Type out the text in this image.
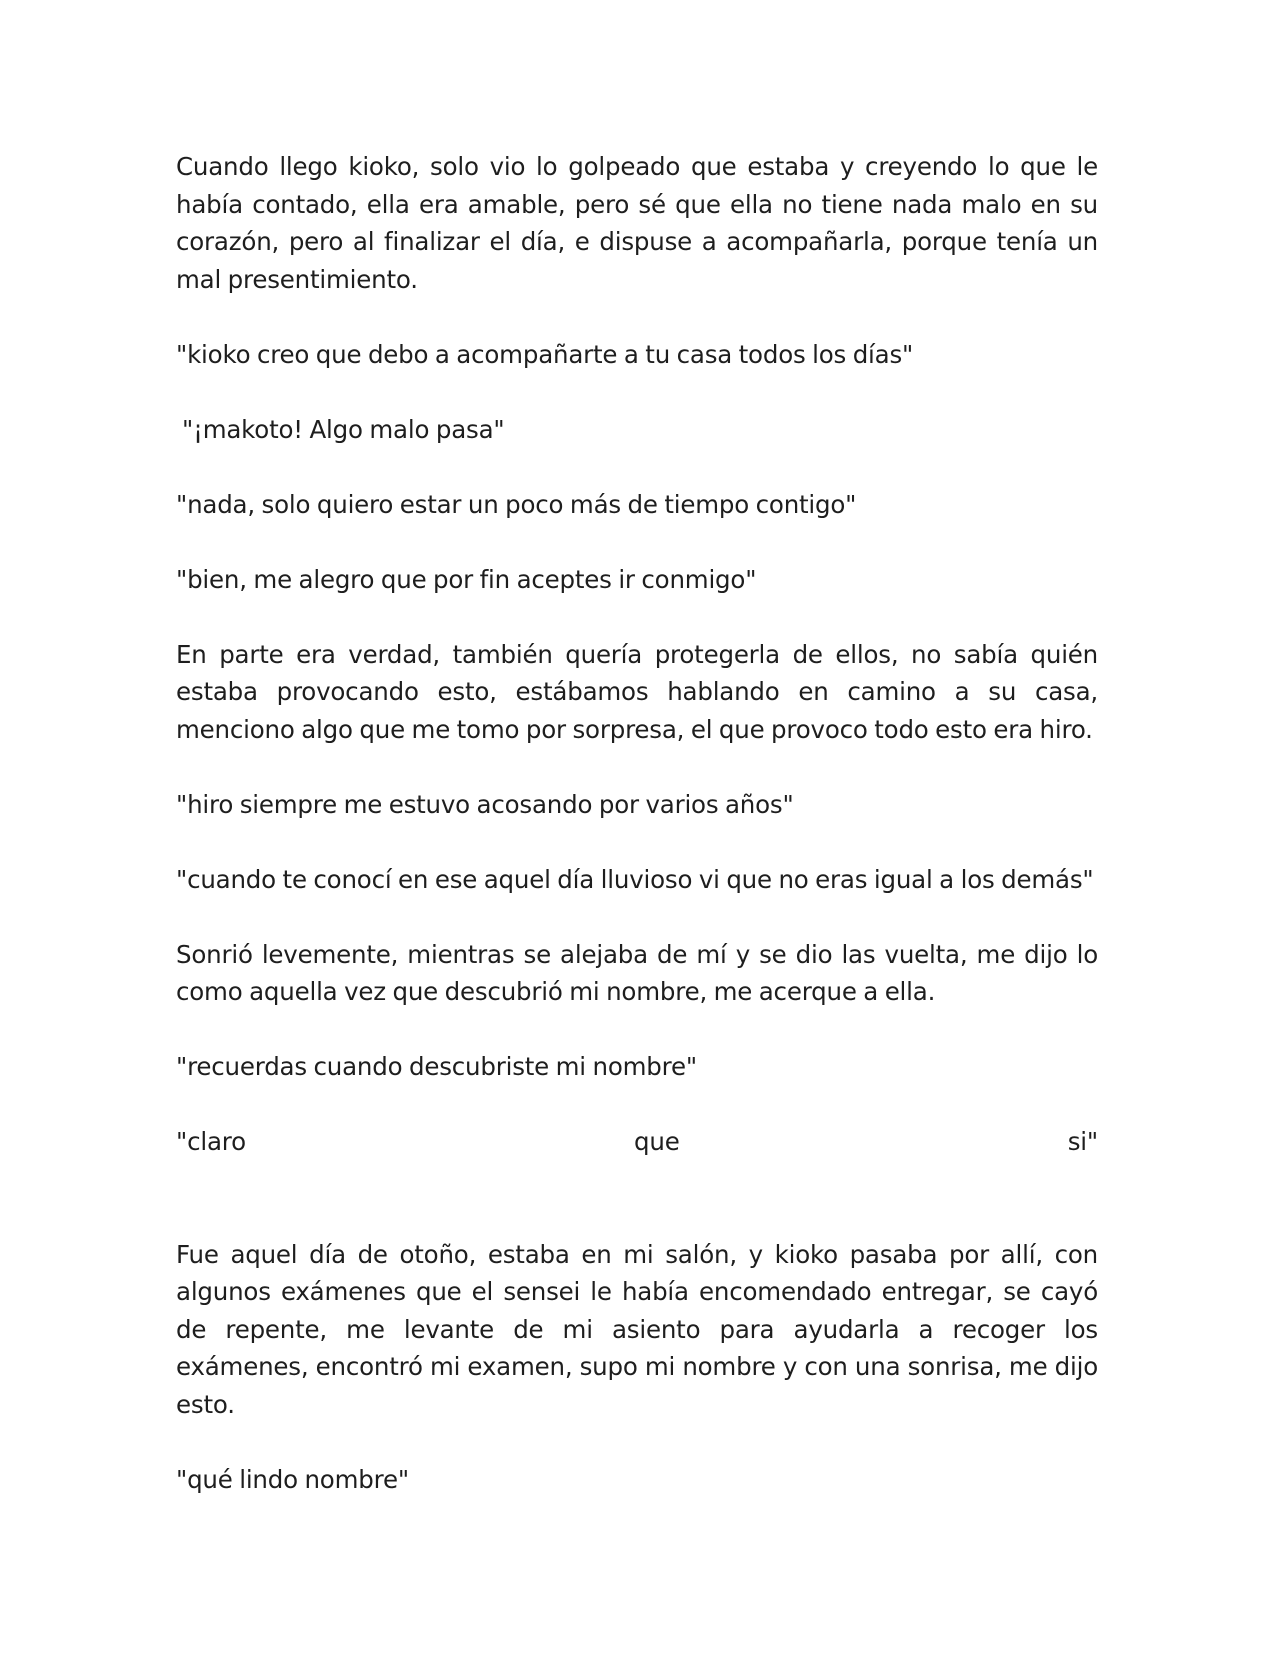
Cuando llego kioko, solo vio lo golpeado que estaba y creyendo lo que le había contado, ella era amable, pero sé que ella no tiene nada malo en su corazón, pero al finalizar el día, e dispuse a acompañarla, porque tenía un mal presentimiento.

"kioko creo que debo a acompañarte a tu casa todos los días"

"¡makoto! Algo malo pasa"

"nada, solo quiero estar un poco más de tiempo contigo"

"bien, me alegro que por fin aceptes ir conmigo"

En parte era verdad, también quería protegerla de ellos, no sabía quién estaba provocando esto, estábamos hablando en camino a su casa, menciono algo que me tomo por sorpresa, el que provoco todo esto era hiro.

"hiro siempre me estuvo acosando por varios años"

"cuando te conocí en ese aquel día lluvioso vi que no eras igual a los demás"

Sonrió levemente, mientras se alejaba de mí y se dio las vuelta, me dijo lo como aquella vez que descubrió mi nombre, me acerque a ella.

"recuerdas cuando descubriste mi nombre"

"claro	que	si"

Fue aquel día de otoño, estaba en mi salón, y kioko pasaba por allí, con algunos exámenes que el sensei le había encomendado entregar, se cayó de repente, me levante de mi asiento para ayudarla a recoger los exámenes, encontró mi examen, supo mi nombre y con una sonrisa, me dijo esto.

"qué lindo nombre"
